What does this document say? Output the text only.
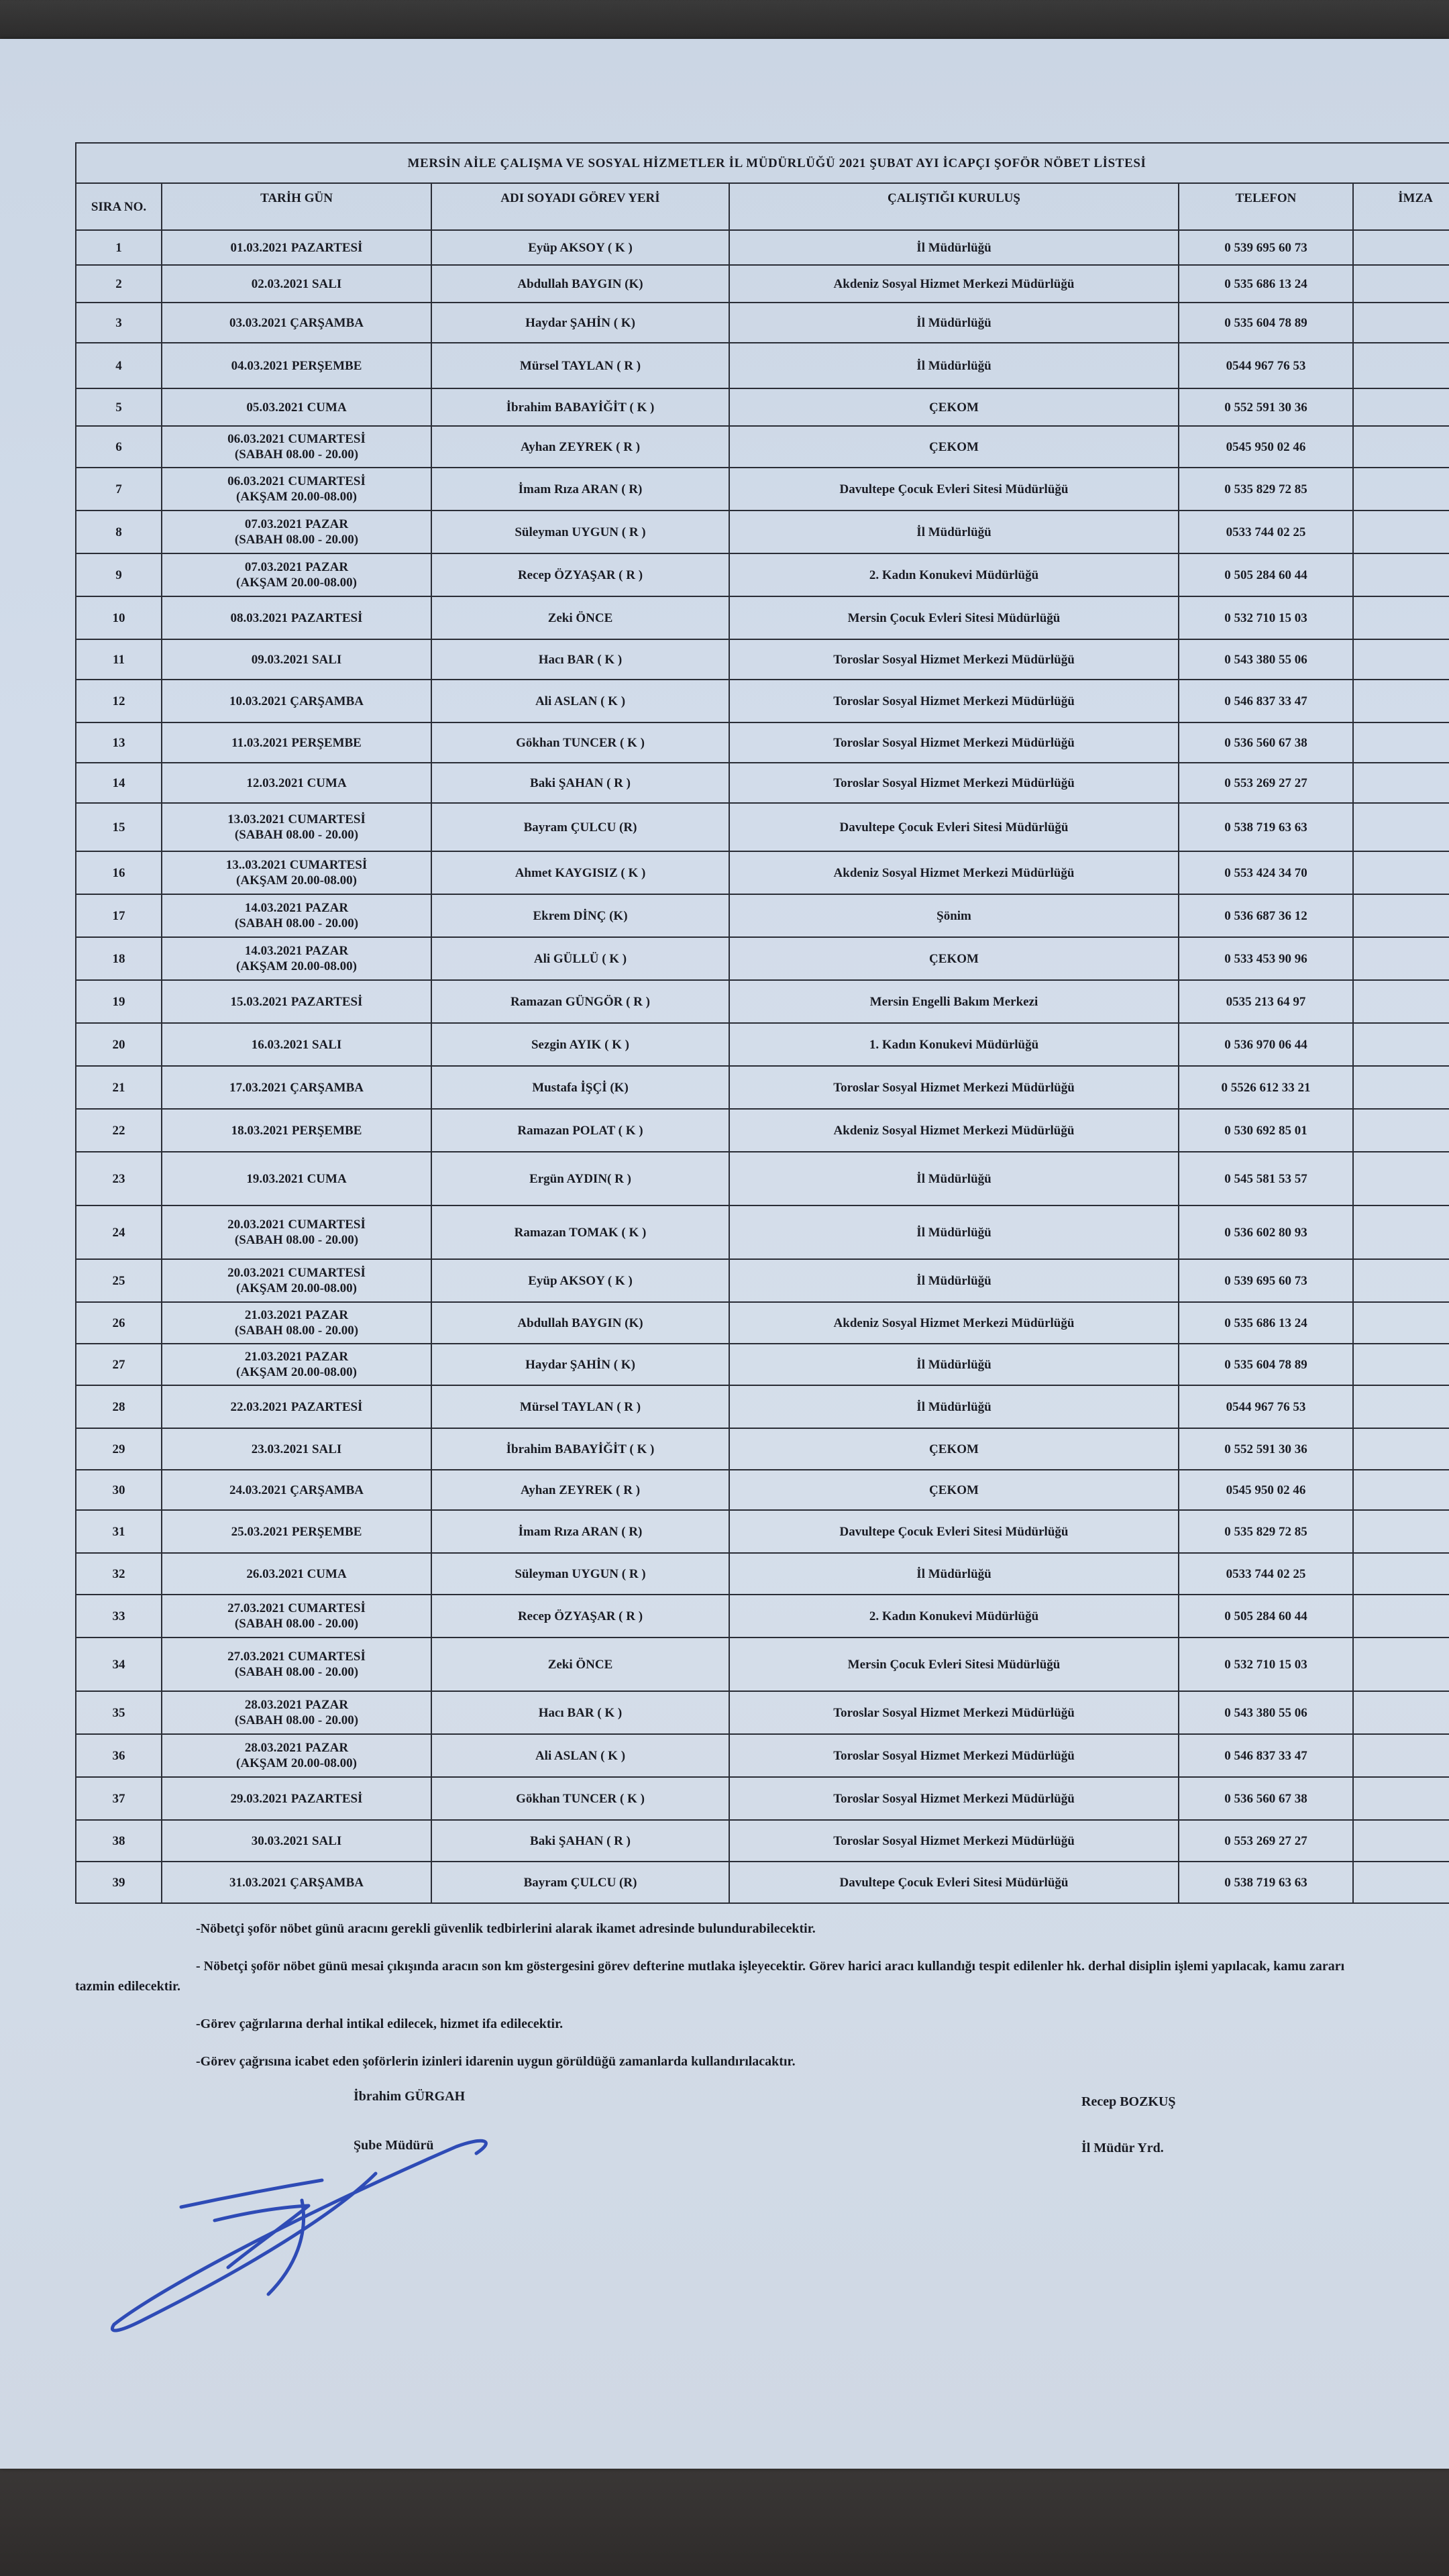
MERSİN AİLE ÇALIŞMA VE SOSYAL HİZMETLER İL MÜDÜRLÜĞÜ 2021 ŞUBAT AYI İCAPÇI ŞOFÖR NÖBET LİSTESİ					
SIRA NO.	TARİH GÜN	ADI SOYADI GÖREV YERİ	ÇALIŞTIĞI KURULUŞ	TELEFON	İMZA
1	01.03.2021 PAZARTESİ	Eyüp AKSOY ( K )	İl Müdürlüğü	0 539 695 60 73	
2	02.03.2021 SALI	Abdullah BAYGIN (K)	Akdeniz Sosyal Hizmet Merkezi Müdürlüğü	0 535 686 13 24	
3	03.03.2021 ÇARŞAMBA	Haydar ŞAHİN ( K)	İl Müdürlüğü	0 535 604 78 89	
4	04.03.2021 PERŞEMBE	Mürsel TAYLAN ( R )	İl Müdürlüğü	0544 967 76 53	
5	05.03.2021 CUMA	İbrahim BABAYİĞİT ( K )	ÇEKOM	0 552 591 30 36	
6	06.03.2021 CUMARTESİ
(SABAH 08.00 - 20.00)	Ayhan ZEYREK ( R )	ÇEKOM	0545 950 02 46	
7	06.03.2021 CUMARTESİ
(AKŞAM 20.00-08.00)	İmam Rıza ARAN ( R)	Davultepe Çocuk Evleri Sitesi Müdürlüğü	0 535 829 72 85	
8	07.03.2021 PAZAR
(SABAH 08.00 - 20.00)	Süleyman UYGUN ( R )	İl Müdürlüğü	0533 744 02 25	
9	07.03.2021 PAZAR
(AKŞAM 20.00-08.00)	Recep ÖZYAŞAR ( R )	2. Kadın Konukevi Müdürlüğü	0 505 284 60 44	
10	08.03.2021 PAZARTESİ	Zeki ÖNCE	Mersin Çocuk Evleri Sitesi Müdürlüğü	0 532 710 15 03	
11	09.03.2021 SALI	Hacı BAR ( K )	Toroslar Sosyal Hizmet Merkezi Müdürlüğü	0 543 380 55 06	
12	10.03.2021 ÇARŞAMBA	Ali ASLAN ( K )	Toroslar Sosyal Hizmet Merkezi Müdürlüğü	0 546 837 33 47	
13	11.03.2021 PERŞEMBE	Gökhan TUNCER ( K )	Toroslar Sosyal Hizmet Merkezi Müdürlüğü	0 536 560 67 38	
14	12.03.2021 CUMA	Baki ŞAHAN ( R )	Toroslar Sosyal Hizmet Merkezi Müdürlüğü	0 553 269 27 27	
15	13.03.2021 CUMARTESİ
(SABAH 08.00 - 20.00)	Bayram ÇULCU (R)	Davultepe Çocuk Evleri Sitesi Müdürlüğü	0 538 719 63 63	
16	13..03.2021 CUMARTESİ
(AKŞAM 20.00-08.00)	Ahmet KAYGISIZ ( K )	Akdeniz Sosyal Hizmet Merkezi Müdürlüğü	0 553 424 34 70	
17	14.03.2021 PAZAR
(SABAH 08.00 - 20.00)	Ekrem DİNÇ (K)	Şönim	0 536 687 36 12	
18	14.03.2021 PAZAR
(AKŞAM 20.00-08.00)	Ali GÜLLÜ ( K )	ÇEKOM	0 533 453 90 96	
19	15.03.2021 PAZARTESİ	Ramazan GÜNGÖR ( R )	Mersin Engelli Bakım Merkezi	0535 213 64 97	
20	16.03.2021 SALI	Sezgin AYIK ( K )	1. Kadın Konukevi Müdürlüğü	0 536 970 06 44	
21	17.03.2021 ÇARŞAMBA	Mustafa İŞÇİ (K)	Toroslar Sosyal Hizmet Merkezi Müdürlüğü	0 5526 612 33 21	
22	18.03.2021 PERŞEMBE	Ramazan POLAT ( K )	Akdeniz Sosyal Hizmet Merkezi Müdürlüğü	0 530 692 85 01	
23	19.03.2021 CUMA	Ergün AYDIN( R )	İl Müdürlüğü	0 545 581 53 57	
24	20.03.2021 CUMARTESİ
(SABAH 08.00 - 20.00)	Ramazan TOMAK ( K )	İl Müdürlüğü	0 536 602 80 93	
25	20.03.2021 CUMARTESİ
(AKŞAM 20.00-08.00)	Eyüp AKSOY ( K )	İl Müdürlüğü	0 539 695 60 73	
26	21.03.2021 PAZAR
(SABAH 08.00 - 20.00)	Abdullah BAYGIN (K)	Akdeniz Sosyal Hizmet Merkezi Müdürlüğü	0 535 686 13 24	
27	21.03.2021 PAZAR
(AKŞAM 20.00-08.00)	Haydar ŞAHİN ( K)	İl Müdürlüğü	0 535 604 78 89	
28	22.03.2021 PAZARTESİ	Mürsel TAYLAN ( R )	İl Müdürlüğü	0544 967 76 53	
29	23.03.2021 SALI	İbrahim BABAYİĞİT ( K )	ÇEKOM	0 552 591 30 36	
30	24.03.2021 ÇARŞAMBA	Ayhan ZEYREK ( R )	ÇEKOM	0545 950 02 46	
31	25.03.2021 PERŞEMBE	İmam Rıza ARAN ( R)	Davultepe Çocuk Evleri Sitesi Müdürlüğü	0 535 829 72 85	
32	26.03.2021 CUMA	Süleyman UYGUN ( R )	İl Müdürlüğü	0533 744 02 25	
33	27.03.2021 CUMARTESİ
(SABAH 08.00 - 20.00)	Recep ÖZYAŞAR ( R )	2. Kadın Konukevi Müdürlüğü	0 505 284 60 44	
34	27.03.2021 CUMARTESİ
(SABAH 08.00 - 20.00)	Zeki ÖNCE	Mersin Çocuk Evleri Sitesi Müdürlüğü	0 532 710 15 03	
35	28.03.2021 PAZAR
(SABAH 08.00 - 20.00)	Hacı BAR ( K )	Toroslar Sosyal Hizmet Merkezi Müdürlüğü	0 543 380 55 06	
36	28.03.2021 PAZAR
(AKŞAM 20.00-08.00)	Ali ASLAN ( K )	Toroslar Sosyal Hizmet Merkezi Müdürlüğü	0 546 837 33 47	
37	29.03.2021 PAZARTESİ	Gökhan TUNCER ( K )	Toroslar Sosyal Hizmet Merkezi Müdürlüğü	0 536 560 67 38	
38	30.03.2021 SALI	Baki ŞAHAN ( R )	Toroslar Sosyal Hizmet Merkezi Müdürlüğü	0 553 269 27 27	
39	31.03.2021 ÇARŞAMBA	Bayram ÇULCU (R)	Davultepe Çocuk Evleri Sitesi Müdürlüğü	0 538 719 63 63	

-Nöbetçi şoför nöbet günü aracını gerekli güvenlik tedbirlerini alarak ikamet adresinde bulundurabilecektir.

- Nöbetçi şoför nöbet günü mesai çıkışında aracın son km göstergesini görev defterine mutlaka işleyecektir. Görev harici aracı kullandığı tespit edilenler hk. derhal disiplin işlemi yapılacak, kamu zararı tazmin edilecektir.

-Görev çağrılarına derhal intikal edilecek, hizmet ifa edilecektir.

-Görev çağrısına icabet eden şoförlerin izinleri idarenin uygun görüldüğü zamanlarda kullandırılacaktır.

İbrahim GÜRGAH
Şube Müdürü
Recep BOZKUŞ
İl Müdür Yrd.
